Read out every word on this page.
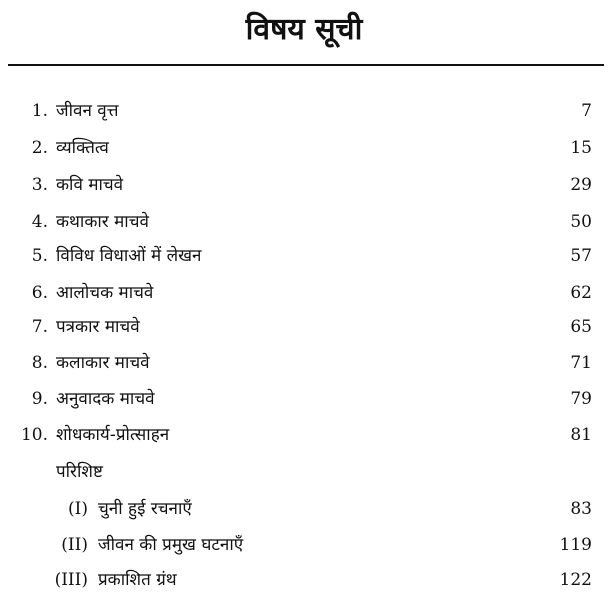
विषय सूची
1. जीवन वृत्त	7
2. व्यक्तित्व	15
3. कवि माचवे	29
4. कथाकार माचवे	50
5. विविध विधाओं में लेखन	57
6. आलोचक माचवे	62
7. पत्रकार माचवे	65
8. कलाकार माचवे	71
9. अनुवादक माचवे	79
10. शोधकार्य-प्रोत्साहन	81
परिशिष्ट
(I) चुनी हुई रचनाएँ	83
(II) जीवन की प्रमुख घटनाएँ	119
(III) प्रकाशित ग्रंथ	122
